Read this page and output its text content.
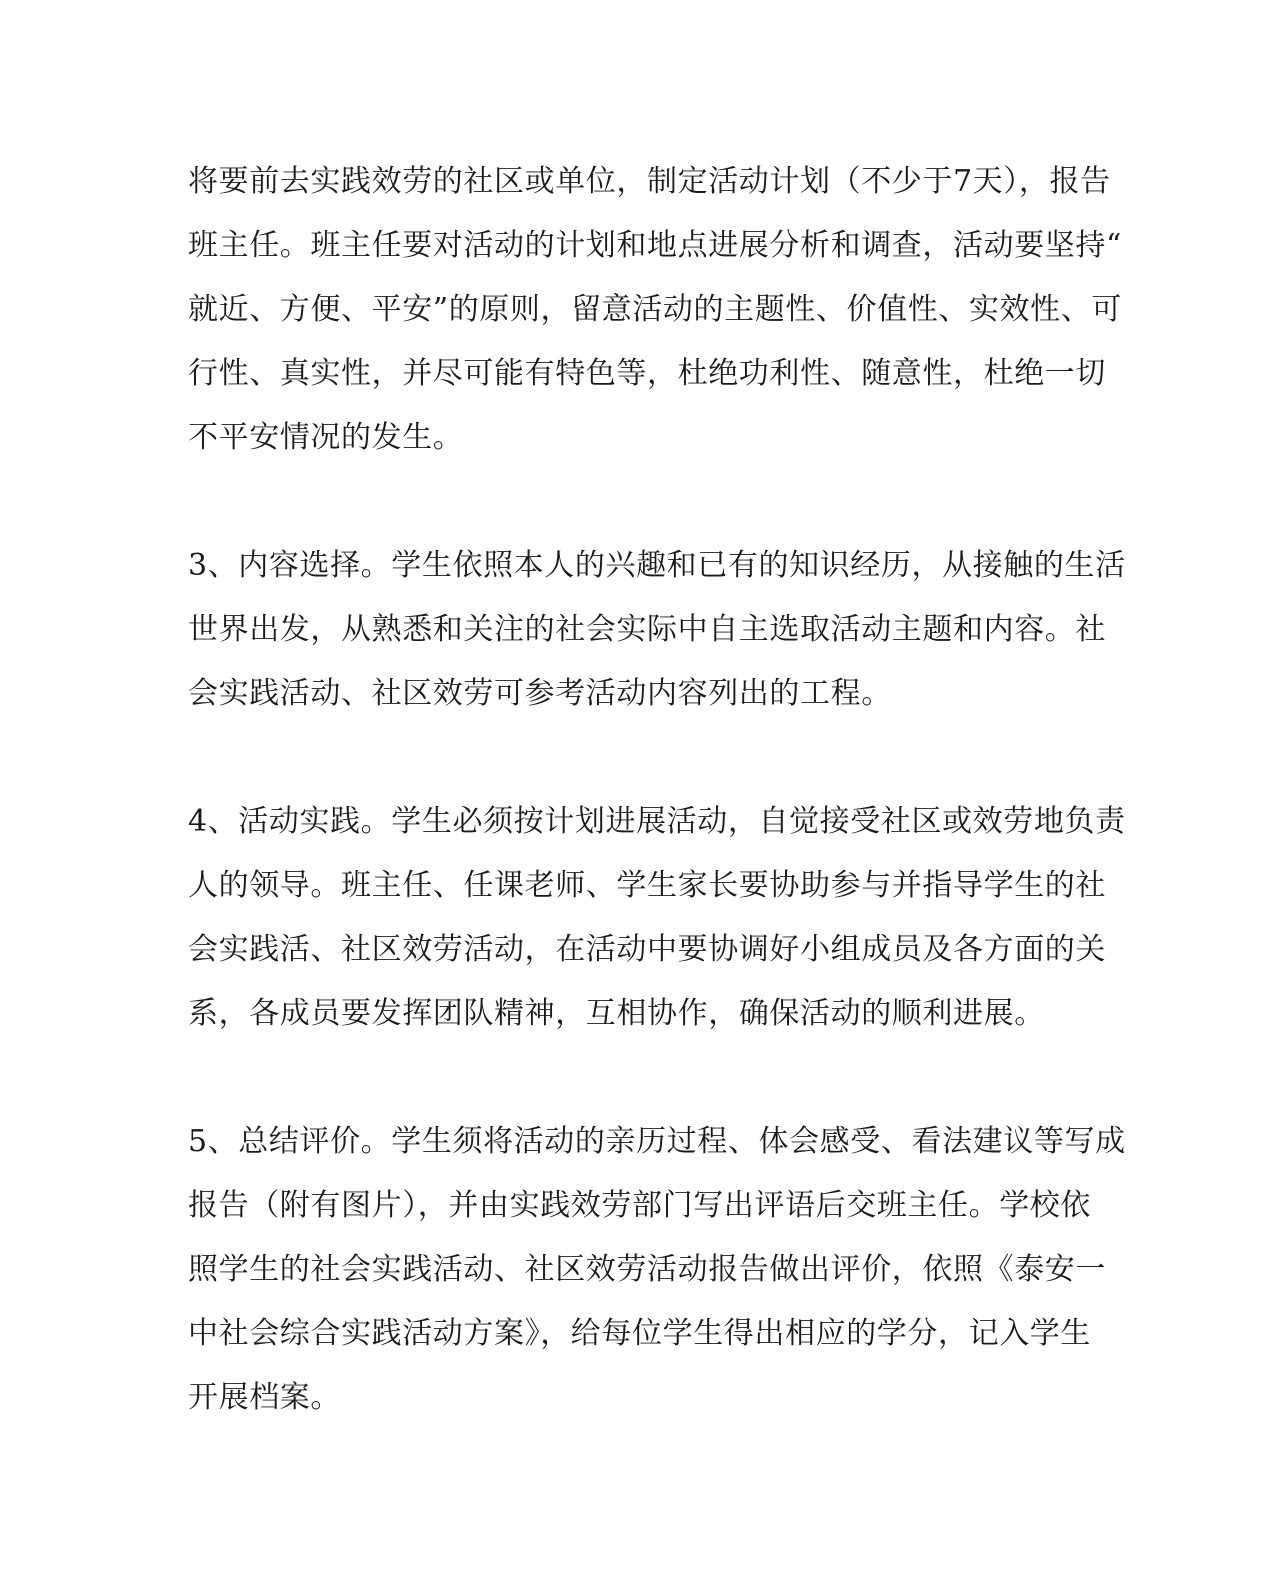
将要前去实践效劳的社区或单位，制定活动计划（不少于7天），报告
班主任。班主任要对活动的计划和地点进展分析和调查，活动要坚持“
就近、方便、平安”的原则，留意活动的主题性、价值性、实效性、可
行性、真实性，并尽可能有特色等，杜绝功利性、随意性，杜绝一切
不平安情况的发生。

3、内容选择。学生依照本人的兴趣和已有的知识经历，从接触的生活
世界出发，从熟悉和关注的社会实际中自主选取活动主题和内容。社
会实践活动、社区效劳可参考活动内容列出的工程。

4、活动实践。学生必须按计划进展活动，自觉接受社区或效劳地负责
人的领导。班主任、任课老师、学生家长要协助参与并指导学生的社
会实践活、社区效劳活动，在活动中要协调好小组成员及各方面的关
系，各成员要发挥团队精神，互相协作，确保活动的顺利进展。

5、总结评价。学生须将活动的亲历过程、体会感受、看法建议等写成
报告（附有图片），并由实践效劳部门写出评语后交班主任。学校依
照学生的社会实践活动、社区效劳活动报告做出评价，依照《泰安一
中社会综合实践活动方案》，给每位学生得出相应的学分，记入学生
开展档案。
